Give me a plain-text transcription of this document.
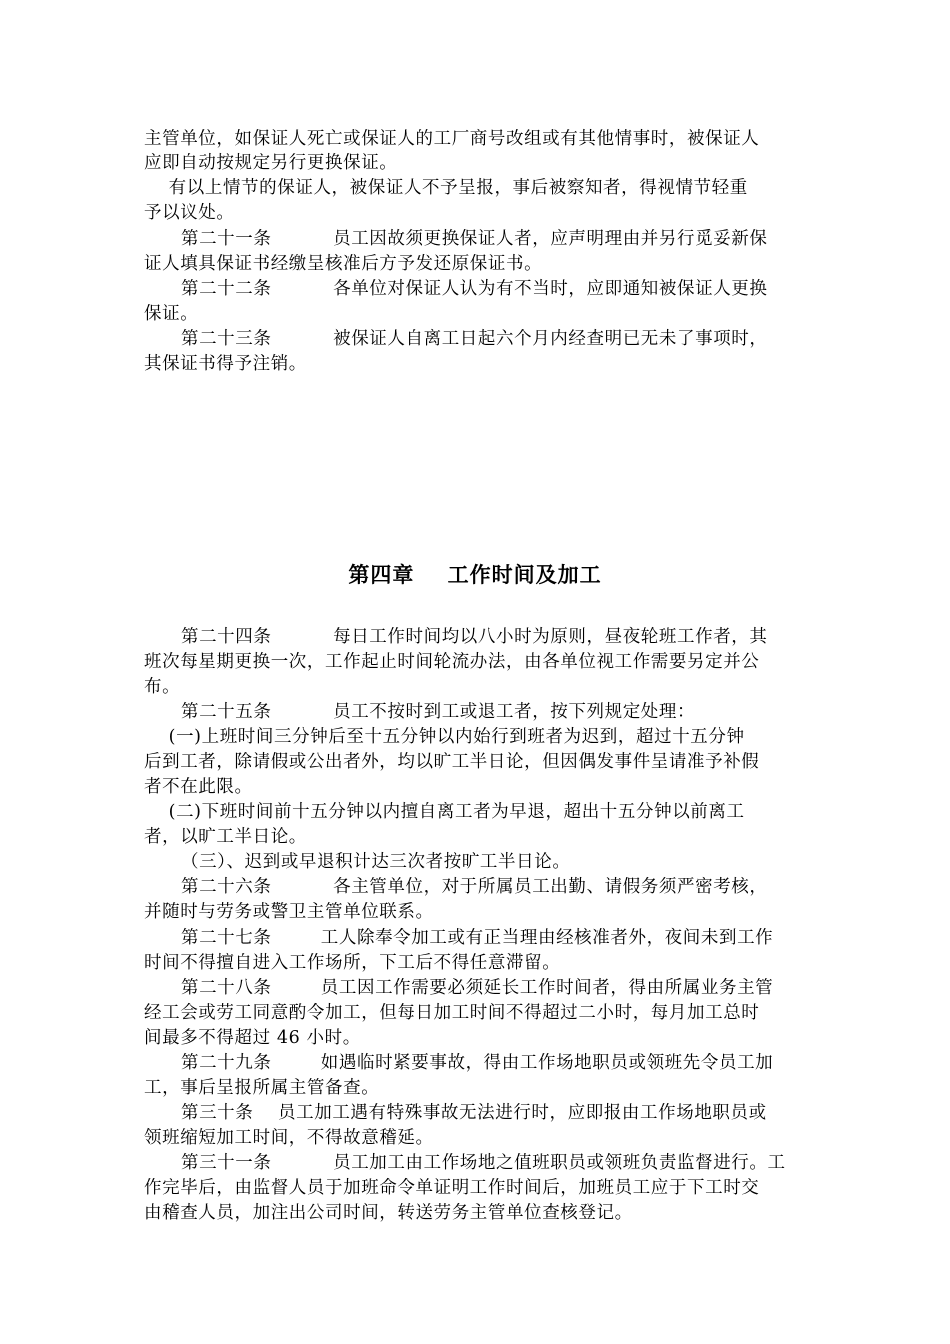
主管单位，如保证人死亡或保证人的工厂商号改组或有其他情事时，被保证人
应即自动按规定另行更换保证。
有以上情节的保证人，被保证人不予呈报，事后被察知者，得视情节轻重
予以议处。
第二十一条          员工因故须更换保证人者，应声明理由并另行觅妥新保
证人填具保证书经缴呈核准后方予发还原保证书。
第二十二条          各单位对保证人认为有不当时，应即通知被保证人更换
保证。
第二十三条          被保证人自离工日起六个月内经查明已无未了事项时，
其保证书得予注销。
第四章    工作时间及加工
第二十四条          每日工作时间均以八小时为原则，昼夜轮班工作者，其
班次每星期更换一次，工作起止时间轮流办法，由各单位视工作需要另定并公
布。
第二十五条          员工不按时到工或退工者，按下列规定处理：
(一)上班时间三分钟后至十五分钟以内始行到班者为迟到，超过十五分钟
后到工者，除请假或公出者外，均以旷工半日论，但因偶发事件呈请准予补假
者不在此限。
(二)下班时间前十五分钟以内擅自离工者为早退，超出十五分钟以前离工
者，以旷工半日论。
（三）、迟到或早退积计达三次者按旷工半日论。
第二十六条          各主管单位，对于所属员工出勤、请假务须严密考核，
并随时与劳务或警卫主管单位联系。
第二十七条        工人除奉令加工或有正当理由经核准者外，夜间未到工作
时间不得擅自进入工作场所，下工后不得任意滞留。
第二十八条        员工因工作需要必须延长工作时间者，得由所属业务主管
经工会或劳工同意酌令加工，但每日加工时间不得超过二小时，每月加工总时
间最多不得超过 46 小时。
第二十九条        如遇临时紧要事故，得由工作场地职员或领班先令员工加
工，事后呈报所属主管备查。
第三十条    员工加工遇有特殊事故无法进行时，应即报由工作场地职员或
领班缩短加工时间，不得故意稽延。
第三十一条          员工加工由工作场地之值班职员或领班负责监督进行。工
作完毕后，由监督人员于加班命令单证明工作时间后，加班员工应于下工时交
由稽查人员，加注出公司时间，转送劳务主管单位查核登记。
